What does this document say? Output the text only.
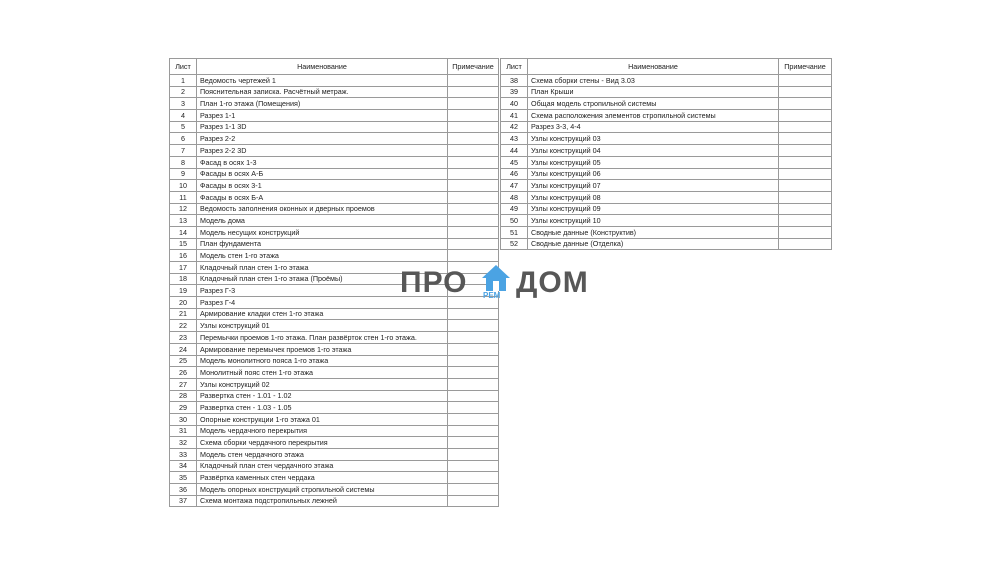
Лист	Наименование	Примечание
1	Ведомость чертежей 1	
2	Пояснительная записка. Расчётный метраж.	
3	План 1-го этажа (Помещения)	
4	Разрез 1-1	
5	Разрез 1-1 3D	
6	Разрез 2-2	
7	Разрез 2-2 3D	
8	Фасад в осях 1-3	
9	Фасады в осях А-Б	
10	Фасады в осях 3-1	
11	Фасады в осях Б-А	
12	Ведомость заполнения оконных и дверных проемов	
13	Модель дома	
14	Модель несущих конструкций	
15	План фундамента	
16	Модель стен 1-го этажа	
17	Кладочный план стен 1-го этажа	
18	Кладочный план стен 1-го этажа (Проёмы)	
19	Разрез Г-3	
20	Разрез Г-4	
21	Армирование кладки стен 1-го этажа	
22	Узлы конструкций 01	
23	Перемычки проемов 1-го этажа. План развёрток стен 1-го этажа.	
24	Армирование перемычек проемов 1-го этажа	
25	Модель монолитного пояса 1-го этажа	
26	Монолитный пояс стен 1-го этажа	
27	Узлы конструкций 02	
28	Развертка стен - 1.01 - 1.02	
29	Развертка стен - 1.03 - 1.05	
30	Опорные конструкции 1-го этажа 01	
31	Модель чердачного перекрытия	
32	Схема сборки чердачного перекрытия	
33	Модель стен чердачного этажа	
34	Кладочный план стен чердачного этажа	
35	Развёртка каменных стен чердака	
36	Модель опорных конструкций стропильной системы	
37	Схема монтажа подстропильных лежней	
Лист	Наименование	Примечание
38	Схема сборки стены - Вид 3.03	
39	План Крыши	
40	Общая модель стропильной системы	
41	Схема расположения элементов стропильной системы	
42	Разрез 3-3, 4-4	
43	Узлы конструкций 03	
44	Узлы конструкций 04	
45	Узлы конструкций 05	
46	Узлы конструкций 06	
47	Узлы конструкций 07	
48	Узлы конструкций 08	
49	Узлы конструкций 09	
50	Узлы конструкций 10	
51	Сводные данные (Конструктив)	
52	Сводные данные (Отделка)	
ПРО РЕМ ДОМ
